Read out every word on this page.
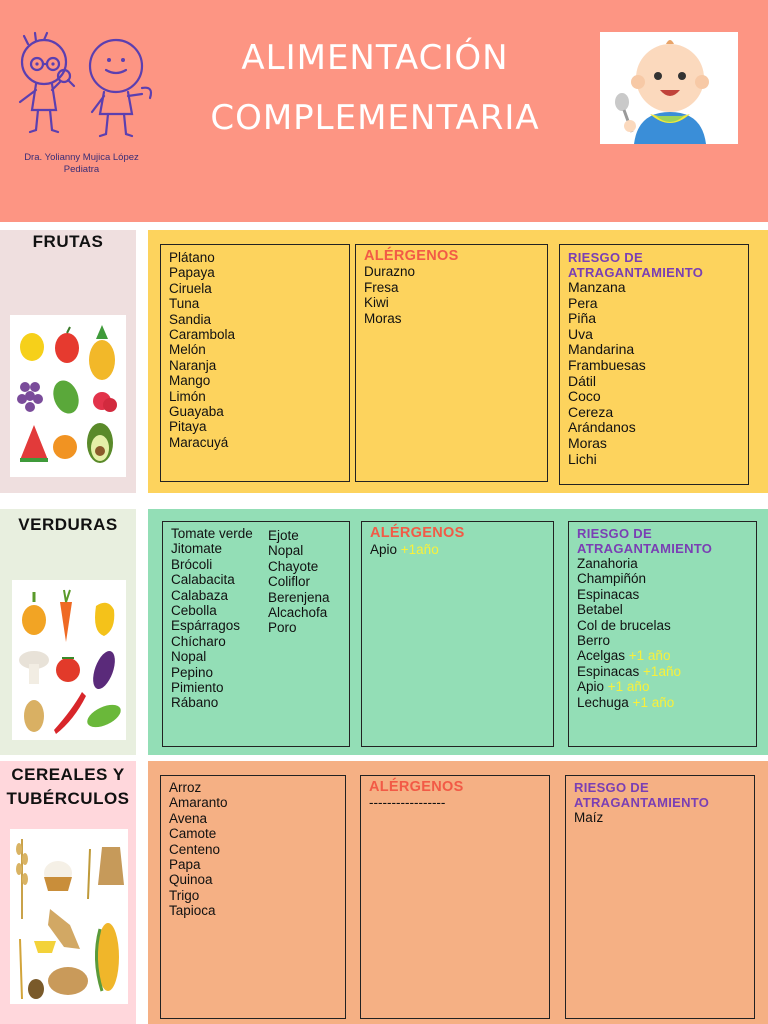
Dra. Yolianny Mujica López
Pediatra
ALIMENTACIÓN
COMPLEMENTARIA
FRUTAS
Plátano
Papaya
Ciruela
Tuna
Sandia
Carambola
Melón
Naranja
Mango
Limón
Guayaba
Pitaya
Maracuyá
ALÉRGENOS
Durazno
Fresa
Kiwi
Moras
RIESGO DE
ATRAGANTAMIENTO
Manzana
Pera
Piña
Uva
Mandarina
Frambuesas
Dátil
Coco
Cereza
Arándanos
Moras
Lichi
VERDURAS	Tomate verde
Jitomate
Brócoli
Calabacita
Calabaza
Cebolla
Espárragos
Chícharo
Nopal
Pepino
Pimiento
Rábano
Ejote
Nopal
Chayote
Coliflor
Berenjena
Alcachofa
Poro
ALÉRGENOS
Apio +1año
RIESGO DE
ATRAGANTAMIENTO
Zanahoria
Champiñón
Espinacas
Betabel
Col de brucelas
Berro
Acelgas +1 año
Espinacas +1año
Apio +1 año
Lechuga +1 año
CEREALES Y
TUBÉRCULOS
Arroz
Amaranto
Avena
Camote
Centeno
Papa
Quinoa
Trigo
Tapioca
ALÉRGENOS
-----------------
RIESGO DE
ATRAGANTAMIENTO
Maíz
